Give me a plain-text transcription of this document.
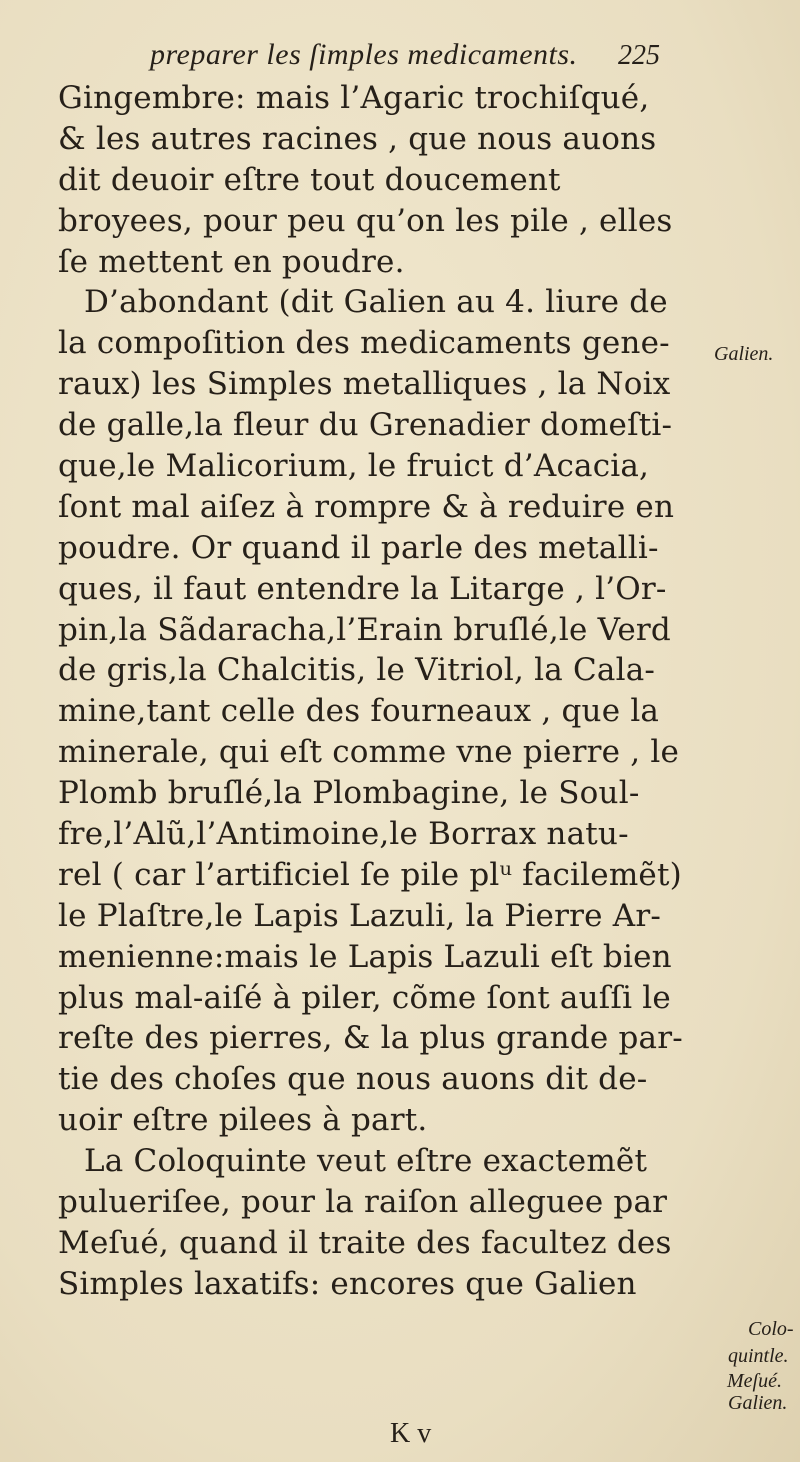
preparer les ſimples medicaments. 225
Gingembre: mais l’Agaric trochiſqué,
& les autres racines , que nous auons
dit deuoir eſtre tout doucement
broyees, pour peu qu’on les pile , elles
ſe mettent en poudre.
D’abondant (dit Galien au 4. liure de
la compoſition des medicaments gene-
raux) les Simples metalliques , la Noix
de galle,la fleur du Grenadier domeſti-
que,le Malicorium, le fruict d’Acacia,
ſont mal aiſez à rompre & à reduire en
poudre. Or quand il parle des metalli-
ques, il faut entendre la Litarge , l’Or-
pin,la Sãdaracha,l’Erain bruſlé,le Verd
de gris,la Chalcitis, le Vitriol, la Cala-
mine,tant celle des fourneaux , que la
minerale, qui eſt comme vne pierre , le
Plomb bruſlé,la Plombagine, le Soul-
fre,l’Alũ,l’Antimoine,le Borrax natu-
rel ( car l’artificiel ſe pile plᵘ facilemẽt)
le Plaſtre,le Lapis Lazuli, la Pierre Ar-
menienne:mais le Lapis Lazuli eſt bien
plus mal-aiſé à piler, cõme ſont auſſi le
reſte des pierres, & la plus grande par-
tie des choſes que nous auons dit de-
uoir eſtre pilees à part.
La Coloquinte veut eſtre exactemẽt
pulueriſee, pour la raiſon alleguee par
Meſué, quand il traite des facultez des
Simples laxatifs: encores que Galien
Galien.
Colo-
quintle.
Meſué.
Galien.
K v
